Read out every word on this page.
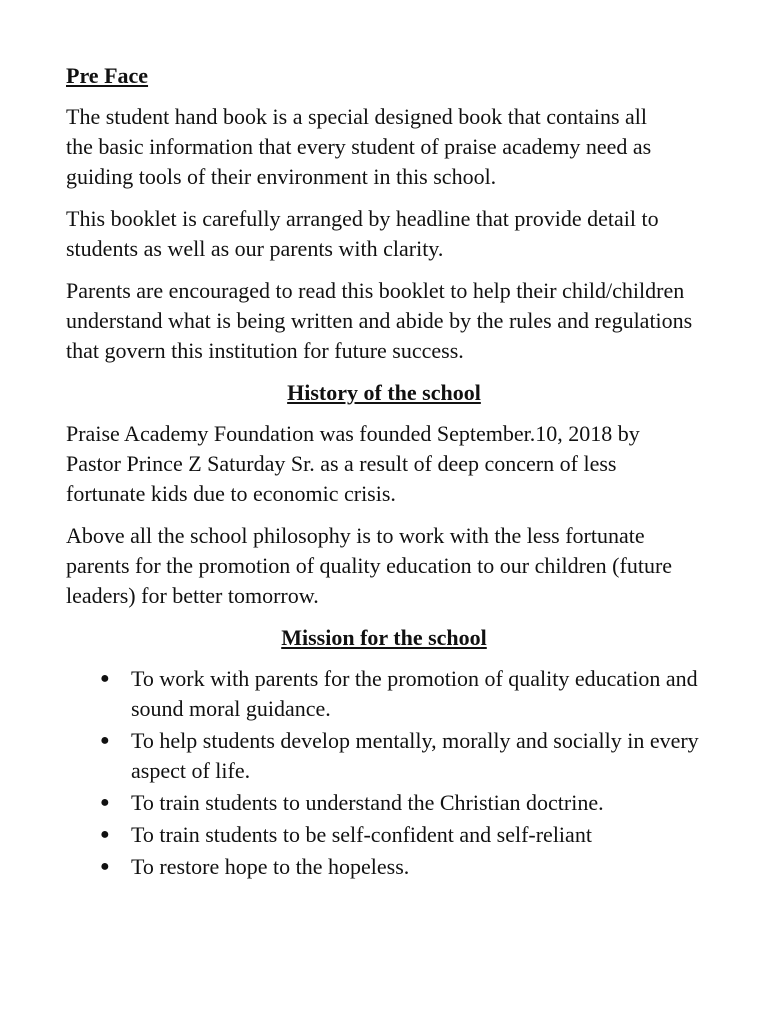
Pre Face

The student hand book is a special designed book that contains all the basic information that every student of praise academy need as guiding tools of their environment in this school.

This booklet is carefully arranged by headline that provide detail to students as well as our parents with clarity.

Parents are encouraged to read this booklet to help their child/children understand what is being written and abide by the rules and regulations that govern this institution for future success.

History of the school

Praise Academy Foundation was founded September.10, 2018 by Pastor Prince Z Saturday Sr. as a result of deep concern of less fortunate kids due to economic crisis.

Above all the school philosophy is to work with the less fortunate parents for the promotion of quality education to our children (future leaders) for better tomorrow.

Mission for the school
● To work with parents for the promotion of quality education and sound moral guidance.
● To help students develop mentally, morally and socially in every aspect of life.
● To train students to understand the Christian doctrine.
● To train students to be self-confident and self-reliant
● To restore hope to the hopeless.
